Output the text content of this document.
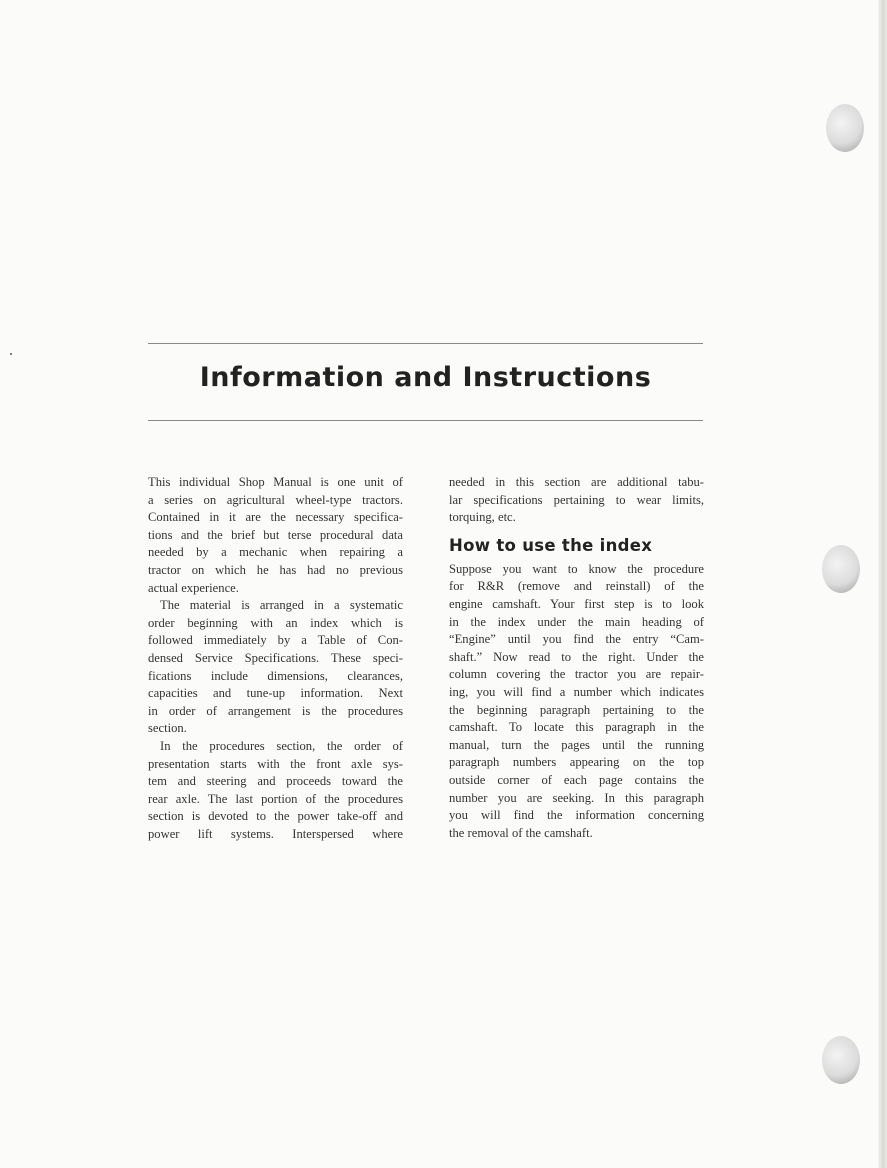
Information and Instructions
This individual Shop Manual is one unit of
a series on agricultural wheel-type tractors.
Contained in it are the necessary specifica-
tions and the brief but terse procedural data
needed by a mechanic when repairing a
tractor on which he has had no previous
actual experience.
The material is arranged in a systematic
order beginning with an index which is
followed immediately by a Table of Con-
densed Service Specifications. These speci-
fications include dimensions, clearances,
capacities and tune-up information. Next
in order of arrangement is the procedures
section.
In the procedures section, the order of
presentation starts with the front axle sys-
tem and steering and proceeds toward the
rear axle. The last portion of the procedures
section is devoted to the power take-off and
power lift systems. Interspersed where
needed in this section are additional tabu-
lar specifications pertaining to wear limits,
torquing, etc.
How to use the index
Suppose you want to know the procedure
for R&R (remove and reinstall) of the
engine camshaft. Your first step is to look
in the index under the main heading of
“Engine” until you find the entry “Cam-
shaft.” Now read to the right. Under the
column covering the tractor you are repair-
ing, you will find a number which indicates
the beginning paragraph pertaining to the
camshaft. To locate this paragraph in the
manual, turn the pages until the running
paragraph numbers appearing on the top
outside corner of each page contains the
number you are seeking. In this paragraph
you will find the information concerning
the removal of the camshaft.
